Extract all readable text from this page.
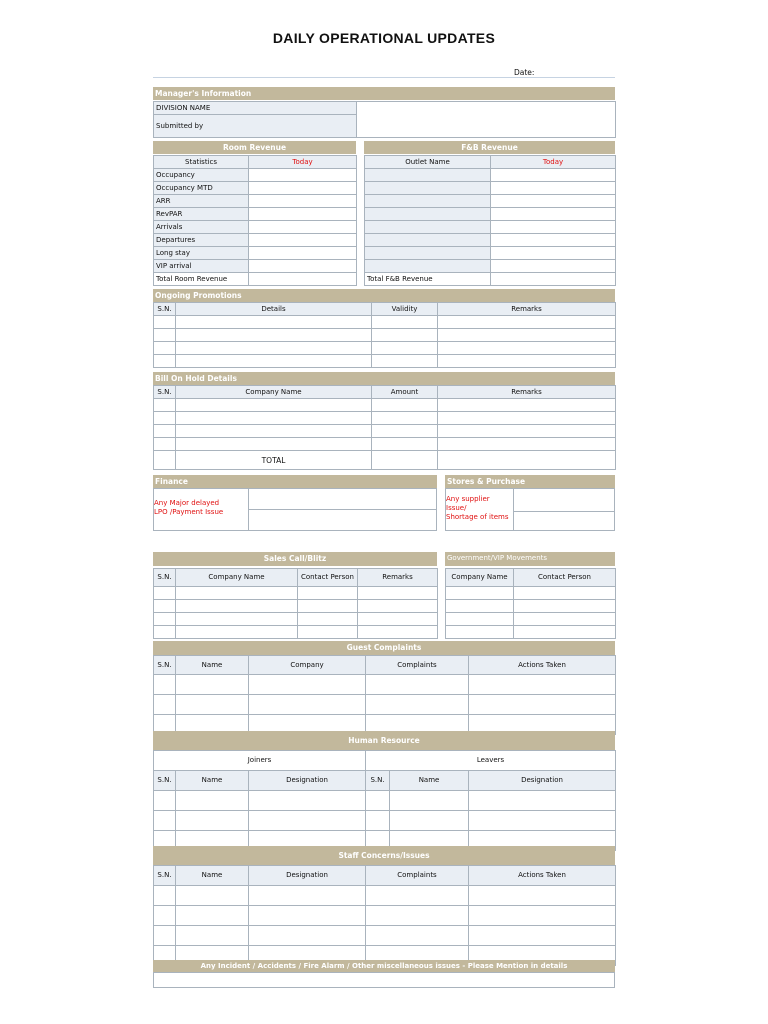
DAILY OPERATIONAL UPDATES
Date:
Manager's Information
DIVISION NAME	
Submitted by
Room Revenue
Statistics	Today
Occupancy	
Occupancy MTD	
ARR	
RevPAR	
Arrivals	
Departures	
Long stay	
VIP arrival	
Total Room Revenue	
F&B Revenue
Outlet Name	Today

Total F&B Revenue	
Ongoing Promotions
S.N.	Details	Validity	Remarks

Bill On Hold Details
S.N.	Company Name	Amount	Remarks

	TOTAL		
Finance
Any Major delayed
LPO /Payment Issue
Stores & Purchase
Any supplier
Issue/
Shortage of items
Sales Call/Blitz
S.N.	Company Name	Contact Person	Remarks

Government/VIP Movements
Company Name	Contact Person

Guest Complaints
S.N.	Name	Company	Complaints	Actions Taken

Human Resource
Joiners			Leavers		
S.N.	Name	Designation	S.N.	Name	Designation

Staff Concerns/Issues
S.N.	Name	Designation	Complaints	Actions Taken

Any Incident / Accidents / Fire Alarm / Other miscellaneous issues - Please Mention in details
